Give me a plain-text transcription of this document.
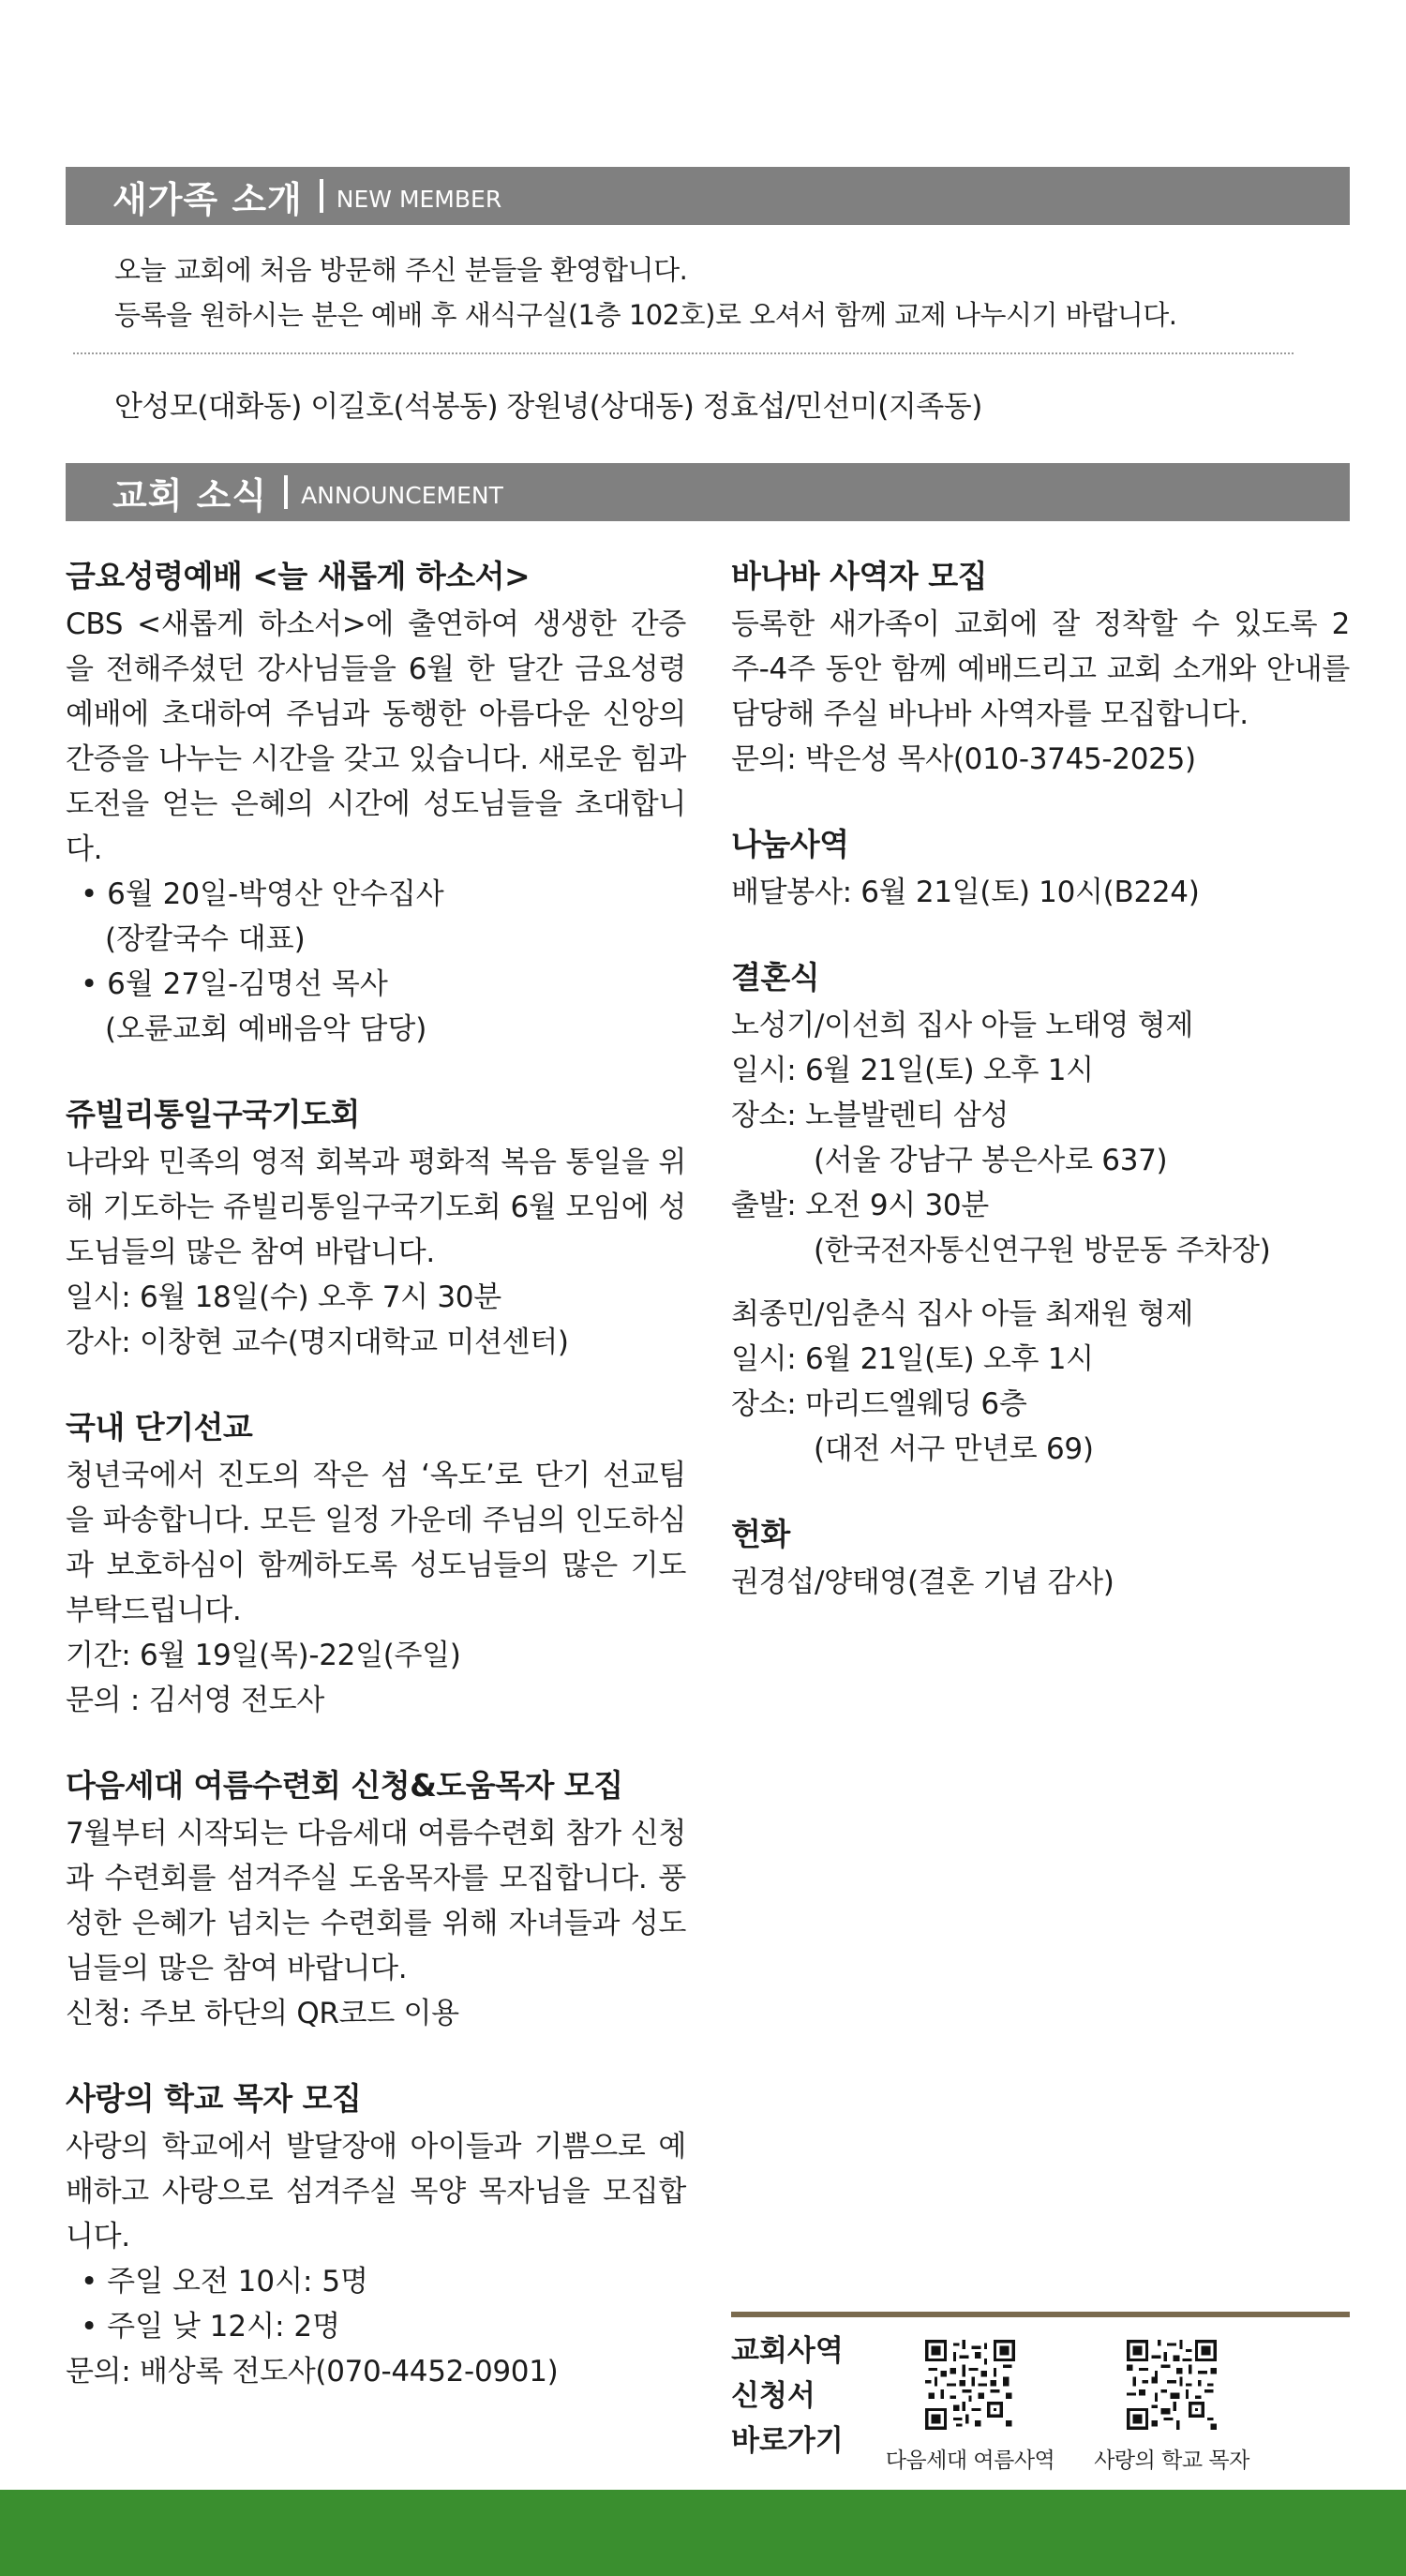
새가족 소개 NEW MEMBER
오늘 교회에 처음 방문해 주신 분들을 환영합니다.
등록을 원하시는 분은 예배 후 새식구실(1층 102호)로 오셔서 함께 교제 나누시기 바랍니다.
안성모(대화동) 이길호(석봉동) 장원녕(상대동) 정효섭/민선미(지족동)
교회 소식 ANNOUNCEMENT
금요성령예배 <늘 새롭게 하소서>

CBS <새롭게 하소서>에 출연하여 생생한 간증을 전해주셨던 강사님들을 6월 한 달간 금요성령예배에 초대하여 주님과 동행한 아름다운 신앙의 간증을 나누는 시간을 갖고 있습니다. 새로운 힘과 도전을 얻는 은혜의 시간에 성도님들을 초대합니다.

• 6월 20일-박영산 안수집사
(장칼국수 대표)
• 6월 27일-김명선 목사
(오륜교회 예배음악 담당)
쥬빌리통일구국기도회

나라와 민족의 영적 회복과 평화적 복음 통일을 위해 기도하는 쥬빌리통일구국기도회 6월 모임에 성도님들의 많은 참여 바랍니다.

일시: 6월 18일(수) 오후 7시 30분
강사: 이창현 교수(명지대학교 미션센터)
국내 단기선교

청년국에서 진도의 작은 섬 ‘옥도’로 단기 선교팀을 파송합니다. 모든 일정 가운데 주님의 인도하심과 보호하심이 함께하도록 성도님들의 많은 기도 부탁드립니다.

기간: 6월 19일(목)-22일(주일)
문의 : 김서영 전도사
다음세대 여름수련회 신청&도움목자 모집

7월부터 시작되는 다음세대 여름수련회 참가 신청과 수련회를 섬겨주실 도움목자를 모집합니다. 풍성한 은혜가 넘치는 수련회를 위해 자녀들과 성도님들의 많은 참여 바랍니다.

신청: 주보 하단의 QR코드 이용
사랑의 학교 목자 모집

사랑의 학교에서 발달장애 아이들과 기쁨으로 예배하고 사랑으로 섬겨주실 목양 목자님을 모집합니다.

• 주일 오전 10시: 5명
• 주일 낮 12시: 2명
문의: 배상록 전도사(070-4452-0901)
바나바 사역자 모집

등록한 새가족이 교회에 잘 정착할 수 있도록 2주-4주 동안 함께 예배드리고 교회 소개와 안내를 담당해 주실 바나바 사역자를 모집합니다.

문의: 박은성 목사(010-3745-2025)
나눔사역
배달봉사: 6월 21일(토) 10시(B224)
결혼식
노성기/이선희 집사 아들 노태영 형제
일시: 6월 21일(토) 오후 1시
장소: 노블발렌티 삼성
(서울 강남구 봉은사로 637)
출발: 오전 9시 30분
(한국전자통신연구원 방문동 주차장)
최종민/임춘식 집사 아들 최재원 형제
일시: 6월 21일(토) 오후 1시
장소: 마리드엘웨딩 6층
(대전 서구 만년로 69)
헌화
권경섭/양태영(결혼 기념 감사)
교회사역
신청서
바로가기
다음세대 여름사역	사랑의 학교 목자
